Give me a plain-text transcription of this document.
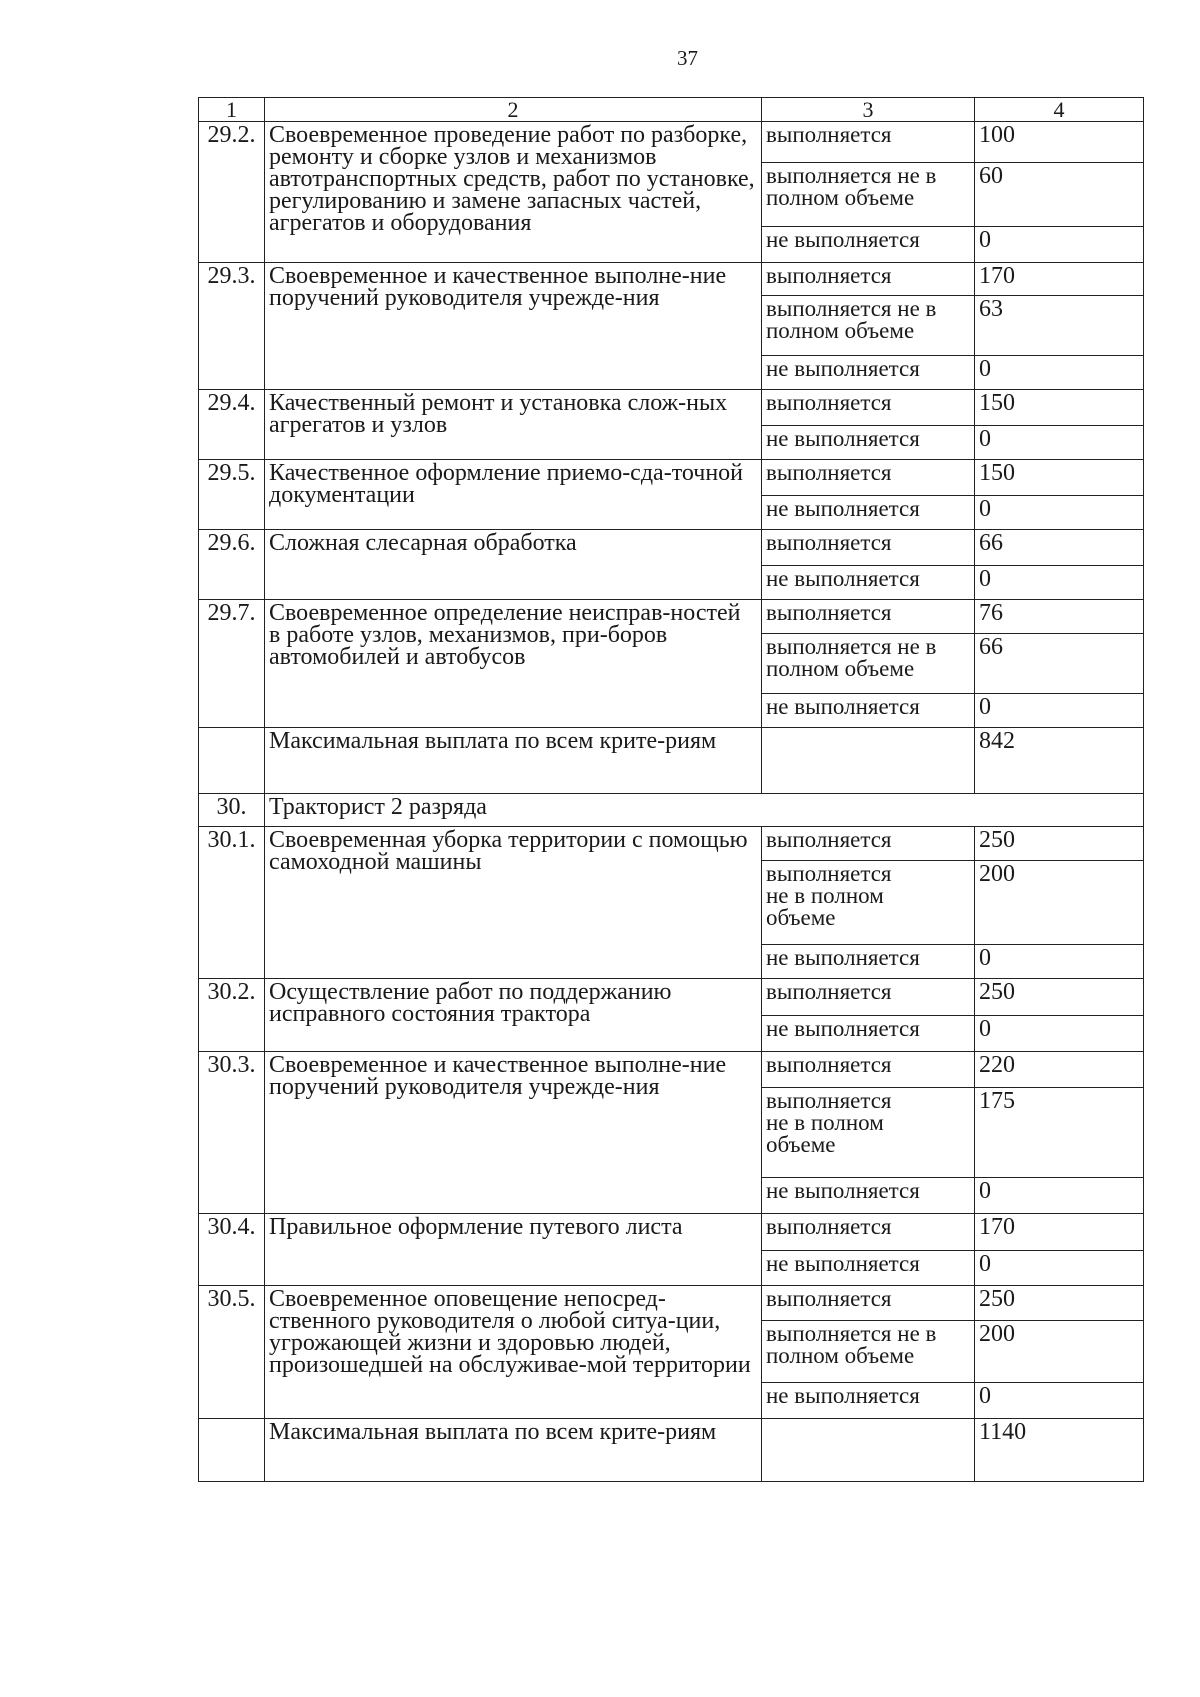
37
1	2	3	4
29.2.	Своевременное проведение работ по разборке, ремонту и сборке узлов и механизмов автотранспортных средств, работ по установке, регулированию и замене запасных частей, агрегатов и оборудования	выполняется	100
		выполняется не в полном объеме	60
		не выполняется	0
29.3.	Своевременное и качественное выполне-ние поручений руководителя учрежде-ния	выполняется	170
		выполняется не в полном объеме	63
		не выполняется	0
29.4.	Качественный ремонт и установка слож-ных агрегатов и узлов	выполняется	150
		не выполняется	0
29.5.	Качественное оформление приемо-сда-точной документации	выполняется	150
		не выполняется	0
29.6.	Сложная слесарная обработка	выполняется	66
		не выполняется	0
29.7.	Своевременное определение неисправ-ностей в работе узлов, механизмов, при-боров автомобилей и автобусов	выполняется	76
		выполняется не в полном объеме	66
		не выполняется	0
	Максимальная выплата по всем крите-риям		842
30.	Тракторист 2 разряда		
30.1.	Своевременная уборка территории с помощью самоходной машины	выполняется	250
		выполняется не в полном объеме	200
		не выполняется	0
30.2.	Осуществление работ по поддержанию исправного состояния трактора	выполняется	250
		не выполняется	0
30.3.	Своевременное и качественное выполне-ние поручений руководителя учрежде-ния	выполняется	220
		выполняется не в полном объеме	175
		не выполняется	0
30.4.	Правильное оформление путевого листа	выполняется	170
		не выполняется	0
30.5.	Своевременное оповещение непосред-ственного руководителя о любой ситуа-ции, угрожающей жизни и здоровью людей, произошедшей на обслуживае-мой территории	выполняется	250
		выполняется не в полном объеме	200
		не выполняется	0
	Максимальная выплата по всем крите-риям		1140
